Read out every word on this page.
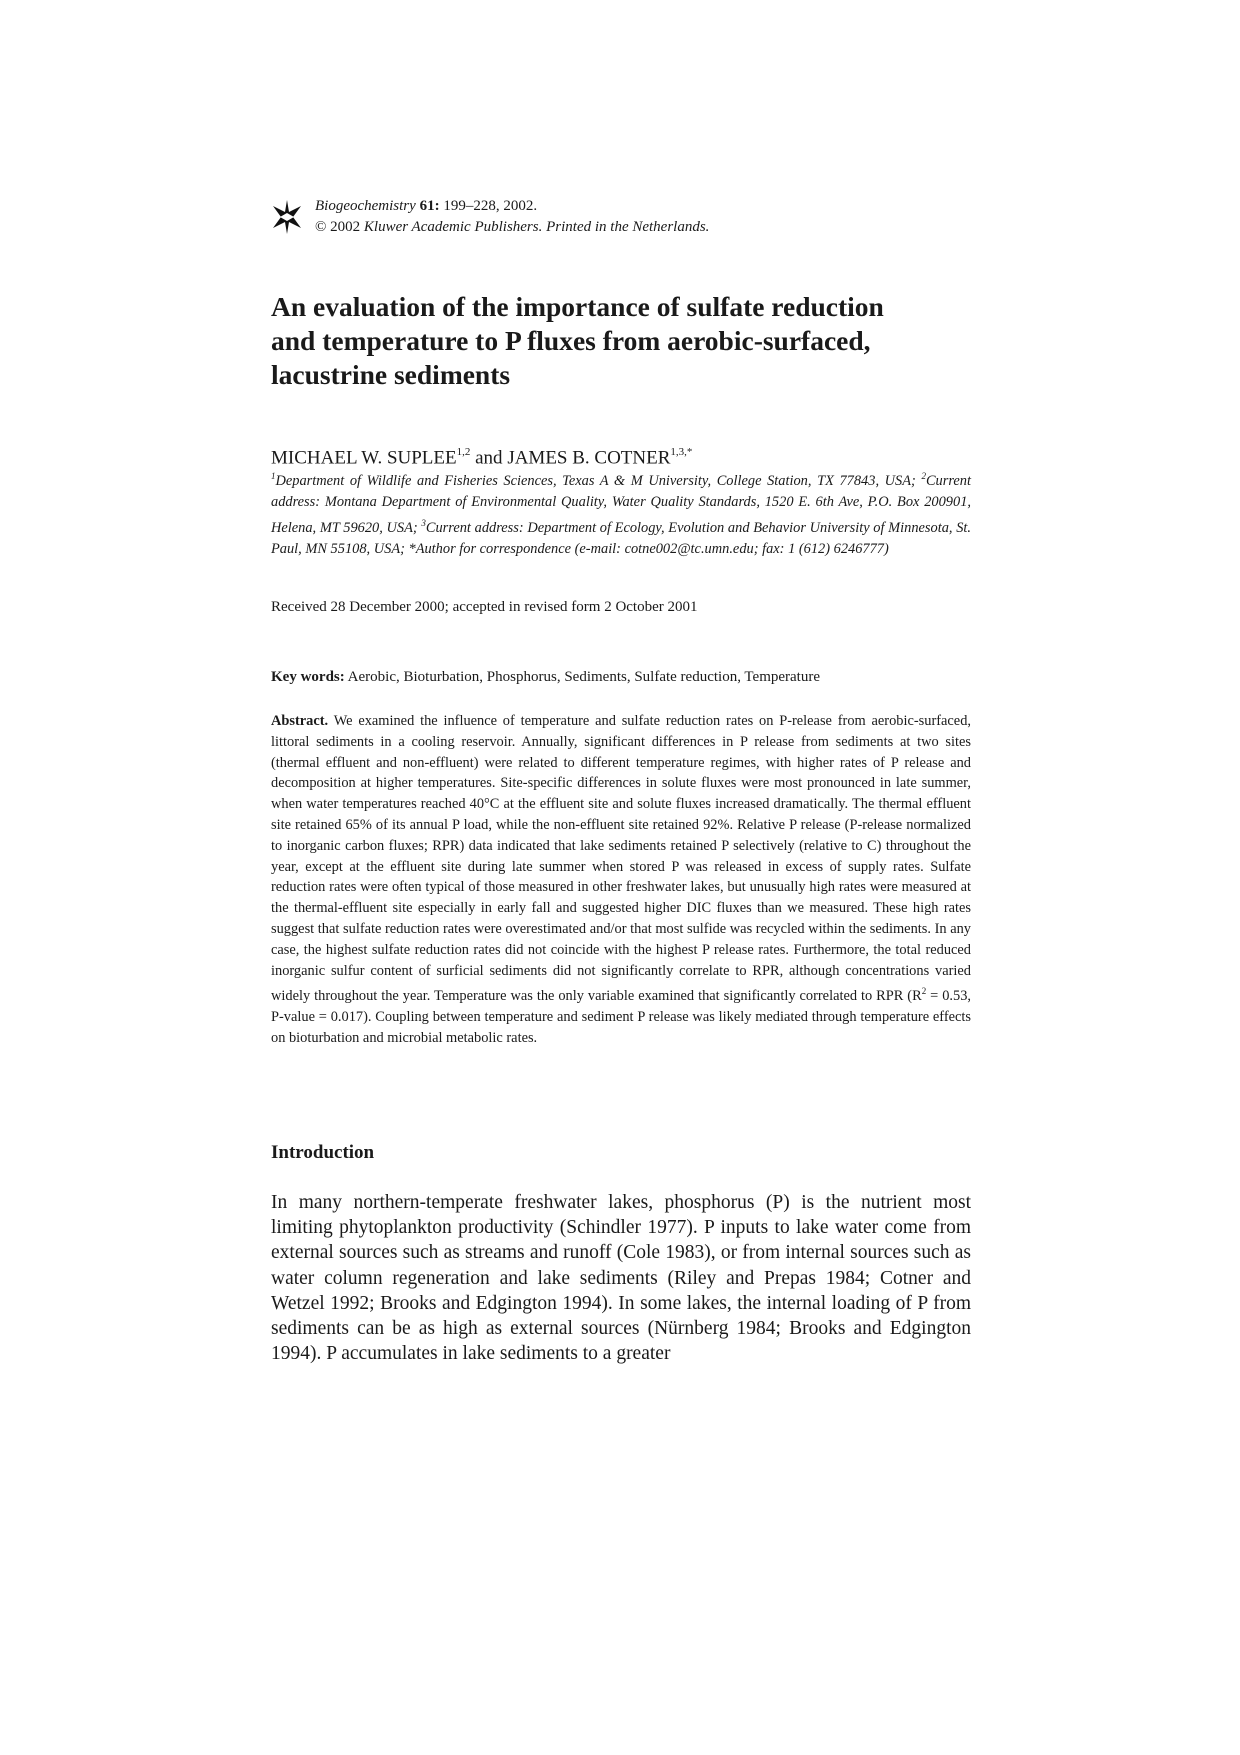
Biogeochemistry 61: 199–228, 2002.
© 2002 Kluwer Academic Publishers. Printed in the Netherlands.
An evaluation of the importance of sulfate reduction
and temperature to P fluxes from aerobic-surfaced,
lacustrine sediments
MICHAEL W. SUPLEE$^{1,2}$ and JAMES B. $COTNER^{1,3,*}$
$^1$Department of Wildlife and Fisheries Sciences, Texas A & M University, College Station, TX 77843, USA; $^2$Current address: Montana Department of Environmental Quality, Water Quality Standards, 1520 E. 6th Ave, P.O. Box 200901, Helena, MT 59620, USA; $^3$Current address: Department of Ecology, Evolution and Behavior University of Minnesota, St. Paul, MN 55108, USA; *Author for correspondence (e-mail: cotne002@tc.umn.edu; fax: 1 (612) 6246777)
Received 28 December 2000; accepted in revised form 2 October 2001
Key words: Aerobic, Bioturbation, Phosphorus, Sediments, Sulfate reduction, Temperature
Abstract. We examined the influence of temperature and sulfate reduction rates on P-release from aerobic-surfaced, littoral sediments in a cooling reservoir. Annually, significant differences in P release from sediments at two sites (thermal effluent and non-effluent) were related to different temperature regimes, with higher rates of P release and decomposition at higher temperatures. Site-specific differences in solute fluxes were most pronounced in late summer, when water temperatures reached 40°C at the effluent site and solute fluxes increased dramatically. The thermal effluent site retained 65% of its annual P load, while the non-effluent site retained 92%. Relative P release (P-release normalized to inorganic carbon fluxes; RPR) data indicated that lake sediments retained P selectively (relative to C) throughout the year, except at the effluent site during late summer when stored P was released in excess of supply rates. Sulfate reduction rates were often typical of those measured in other freshwater lakes, but unusually high rates were measured at the thermal-effluent site especially in early fall and suggested higher DIC fluxes than we measured. These high rates suggest that sulfate reduction rates were overestimated and/or that most sulfide was recycled within the sediments. In any case, the highest sulfate reduction rates did not coincide with the highest P release rates. Furthermore, the total reduced inorganic sulfur content of surficial sediments did not significantly correlate to RPR, although concentrations varied widely throughout the year. Temperature was the only variable examined that significantly correlated to RPR ($R^2 = 0.53$, P-value = 0.017). Coupling between temperature and sediment P release was likely mediated through temperature effects on bioturbation and microbial metabolic rates.
Introduction

In many northern-temperate freshwater lakes, phosphorus (P) is the nutrient most limiting phytoplankton productivity (Schindler 1977). P inputs to lake water come from external sources such as streams and runoff (Cole 1983), or from internal sources such as water column regeneration and lake sediments (Riley and Prepas 1984; Cotner and Wetzel 1992; Brooks and Edgington 1994). In some lakes, the internal loading of P from sediments can be as high as external sources (Nürnberg 1984; Brooks and Edgington 1994). P accumulates in lake sediments to a greater
